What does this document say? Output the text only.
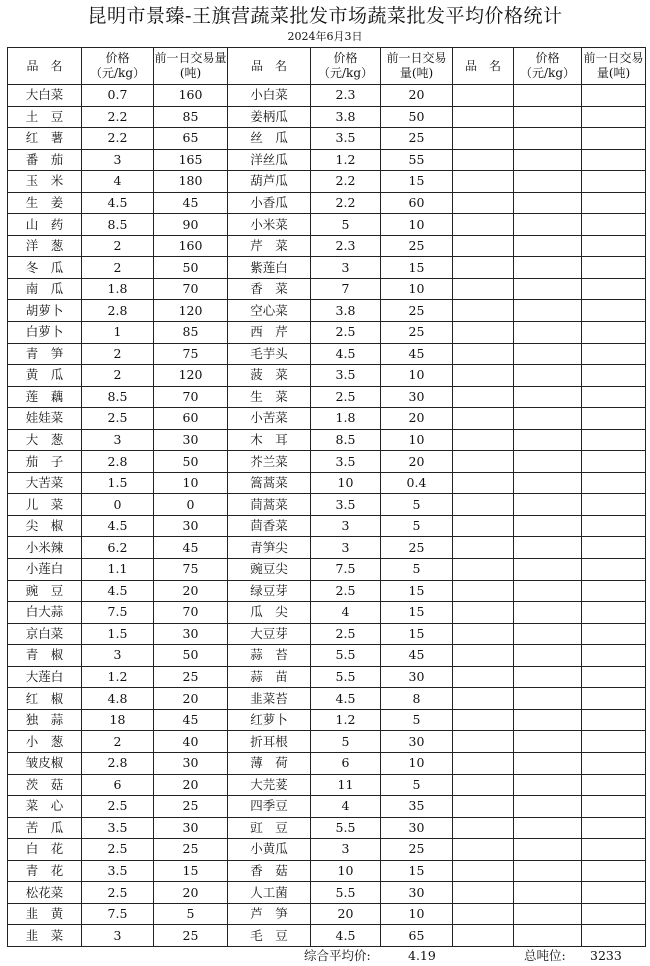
昆明市景臻-王旗营蔬菜批发市场蔬菜批发平均价格统计
2024年6月3日
品　名	价格（元/kg）	前一日交易量(吨)	品　名	价格（元/kg）	前一日交易量(吨)	品　名	价格（元/kg）	前一日交易量(吨)
大白菜	0.7	160	小白菜	2.3	20			
土　豆	2.2	85	姜柄瓜	3.8	50			
红　薯	2.2	65	丝　瓜	3.5	25			
番　茄	3	165	洋丝瓜	1.2	55			
玉　米	4	180	葫芦瓜	2.2	15			
生　姜	4.5	45	小香瓜	2.2	60			
山　药	8.5	90	小米菜	5	10			
洋　葱	2	160	芹　菜	2.3	25			
冬　瓜	2	50	紫莲白	3	15			
南　瓜	1.8	70	香　菜	7	10			
胡萝卜	2.8	120	空心菜	3.8	25			
白萝卜	1	85	西　芹	2.5	25			
青　笋	2	75	毛芋头	4.5	45			
黄　瓜	2	120	菠　菜	3.5	10			
莲　藕	8.5	70	生　菜	2.5	30			
娃娃菜	2.5	60	小苦菜	1.8	20			
大　葱	3	30	木　耳	8.5	10			
茄　子	2.8	50	芥兰菜	3.5	20			
大苦菜	1.5	10	篙蒿菜	10	0.4			
儿　菜	0	0	茼蒿菜	3.5	5			
尖　椒	4.5	30	茴香菜	3	5			
小米辣	6.2	45	青笋尖	3	25			
小莲白	1.1	75	豌豆尖	7.5	5			
豌　豆	4.5	20	绿豆芽	2.5	15			
白大蒜	7.5	70	瓜　尖	4	15			
京白菜	1.5	30	大豆芽	2.5	15			
青　椒	3	50	蒜　苔	5.5	45			
大莲白	1.2	25	蒜　苗	5.5	30			
红　椒	4.8	20	韭菜苔	4.5	8			
独　蒜	18	45	红萝卜	1.2	5			
小　葱	2	40	折耳根	5	30			
皱皮椒	2.8	30	薄　荷	6	10			
茨　菇	6	20	大芫荽	11	5			
菜　心	2.5	25	四季豆	4	35			
苦　瓜	3.5	30	豇　豆	5.5	30			
白　花	2.5	25	小黄瓜	3	25			
青　花	3.5	15	香　菇	10	15			
松花菜	2.5	20	人工菌	5.5	30			
韭　黄	7.5	5	芦　笋	20	10			
韭　菜	3	25	毛　豆	4.5	65			
综合平均价:	4.19	总吨位: 3233
